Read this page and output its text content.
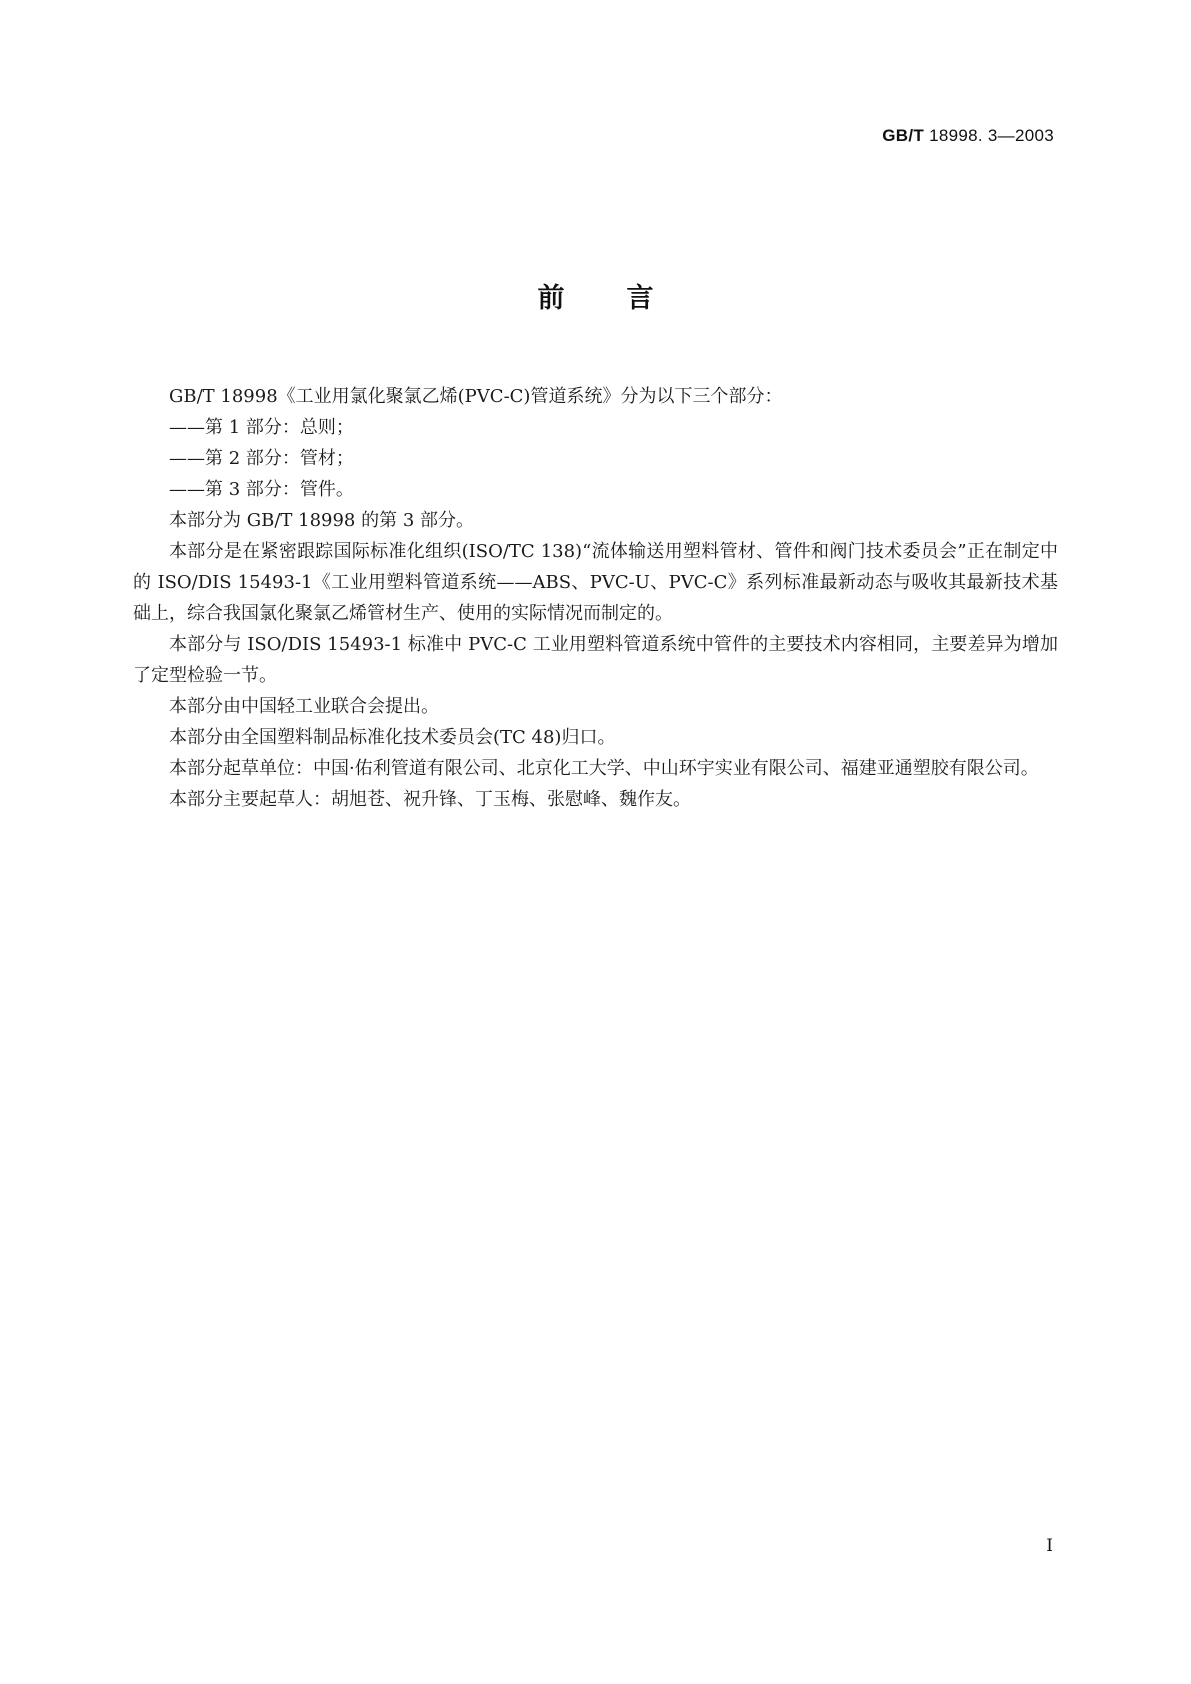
GB/T 18998. 3—2003
前言

GB/T 18998《工业用氯化聚氯乙烯(PVC-C)管道系统》分为以下三个部分：

——第 1 部分：总则；

——第 2 部分：管材；

——第 3 部分：管件。

本部分为 GB/T 18998 的第 3 部分。

本部分是在紧密跟踪国际标准化组织(ISO/TC 138)“流体输送用塑料管材、管件和阀门技术委员会”正在制定中的 ISO/DIS 15493-1《工业用塑料管道系统——ABS、PVC-U、PVC-C》系列标准最新动态与吸收其最新技术基础上，综合我国氯化聚氯乙烯管材生产、使用的实际情况而制定的。

本部分与 ISO/DIS 15493-1 标准中 PVC-C 工业用塑料管道系统中管件的主要技术内容相同，主要差异为增加了定型检验一节。

本部分由中国轻工业联合会提出。

本部分由全国塑料制品标准化技术委员会(TC 48)归口。

本部分起草单位：中国·佑利管道有限公司、北京化工大学、中山环宇实业有限公司、福建亚通塑胶有限公司。

本部分主要起草人：胡旭苍、祝升锋、丁玉梅、张慰峰、魏作友。

I
